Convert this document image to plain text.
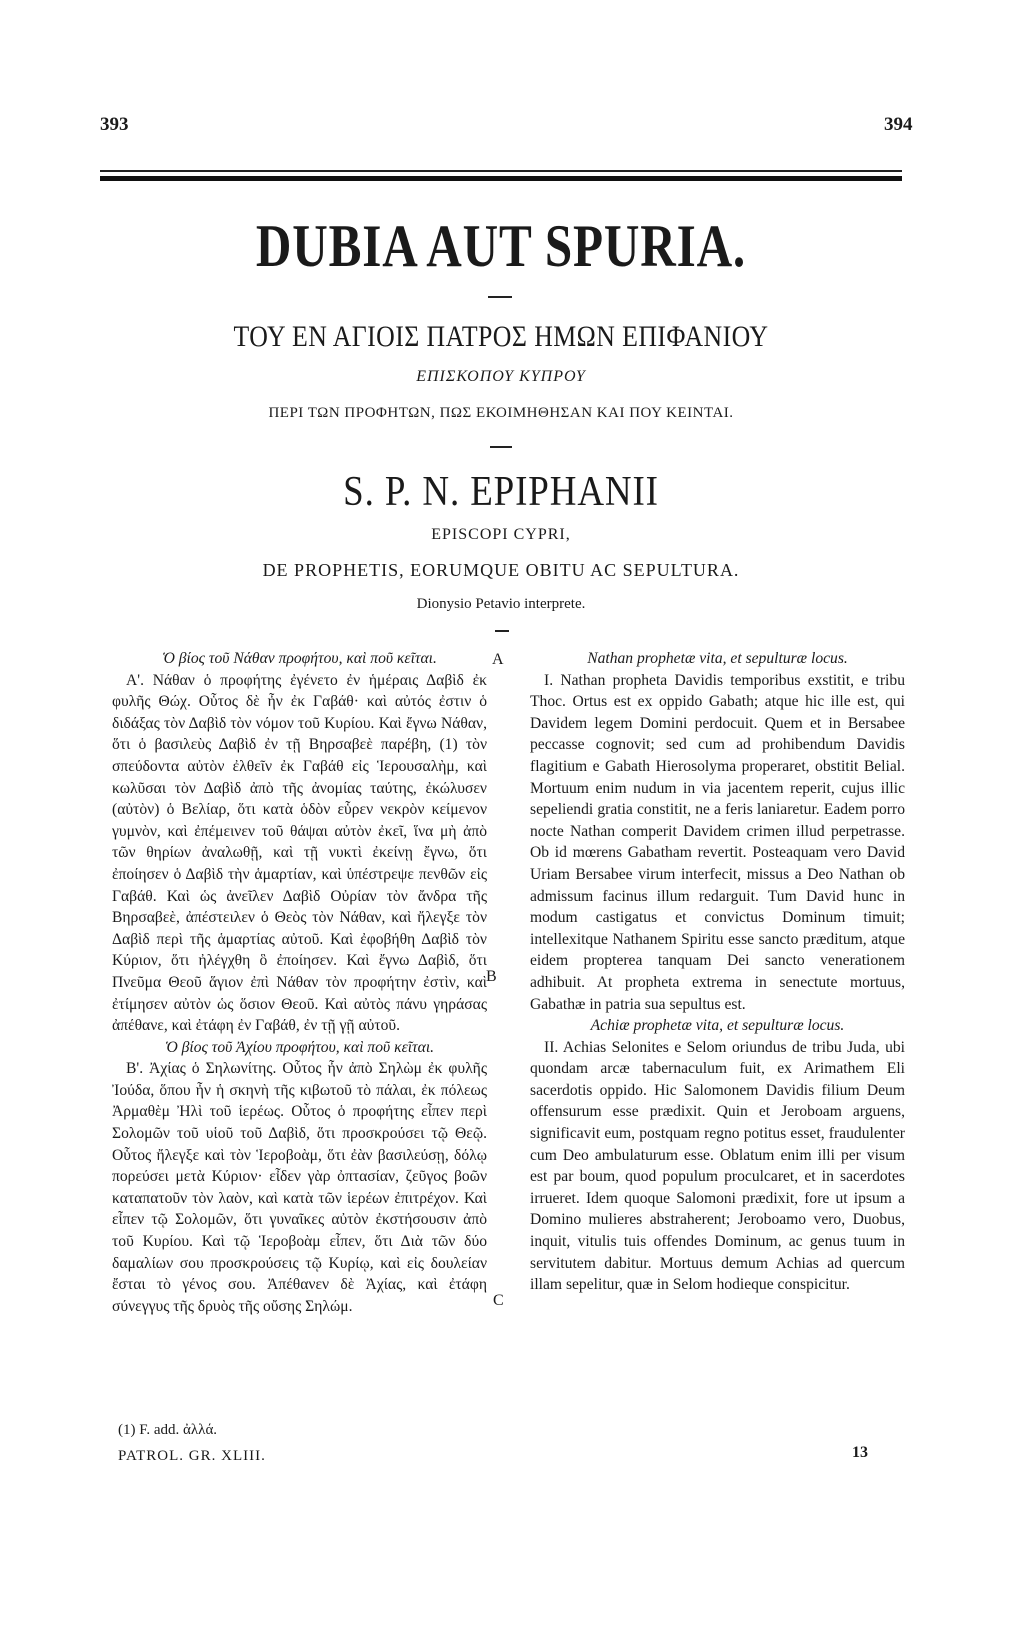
393	394
DUBIA AUT SPURIA.
ΤΟΥ ΕΝ ΑΓΙΟΙΣ ΠΑΤΡΟΣ ΗΜΩΝ ΕΠΙΦΑΝΙΟΥ
ΕΠΙΣΚΟΠΟΥ ΚΥΠΡΟΥ
ΠΕΡΙ ΤΩΝ ΠΡΟΦΗΤΩΝ, ΠΩΣ ΕΚΟΙΜΗΘΗΣΑΝ ΚΑΙ ΠΟΥ ΚΕΙΝΤΑΙ.
S. P. N. EPIPHANII
EPISCOPI CYPRI,
DE PROPHETIS, EORUMQUE OBITU AC SEPULTURA.
Dionysio Petavio interprete.

Ὁ βίος τοῦ Νάθαν προφήτου, καὶ ποῦ κεῖται.

Α'. Νάθαν ὁ προφήτης ἐγένετο ἐν ἡμέραις Δαβὶδ ἐκ φυλῆς Θώχ. Οὗτος δὲ ἦν ἐκ Γαβάθ· καὶ αὐτός ἐστιν ὁ διδάξας τὸν Δαβὶδ τὸν νόμον τοῦ Κυρίου. Καὶ ἔγνω Νάθαν, ὅτι ὁ βασιλεὺς Δαβὶδ ἐν τῇ Βηρσαβεὲ παρέβη, (1) τὸν σπεύδοντα αὐτὸν ἐλθεῖν ἐκ Γαβάθ εἰς Ἱερουσαλὴμ, καὶ κωλῦσαι τὸν Δαβὶδ ἀπὸ τῆς ἀνομίας ταύτης, ἐκώλυσεν (αὐτὸν) ὁ Βελίαρ, ὅτι κατὰ ὁδὸν εὗρεν νεκρὸν κείμενον γυμνὸν, καὶ ἐπέμεινεν τοῦ θάψαι αὐτὸν ἐκεῖ, ἵνα μὴ ἀπὸ τῶν θηρίων ἀναλωθῇ, καὶ τῇ νυκτὶ ἐκείνῃ ἔγνω, ὅτι ἐποίησεν ὁ Δαβὶδ τὴν ἁμαρτίαν, καὶ ὑπέστρεψε πενθῶν εἰς Γαβάθ. Καὶ ὡς ἀνεῖλεν Δαβὶδ Οὐρίαν τὸν ἄνδρα τῆς Βηρσαβεὲ, ἀπέστειλεν ὁ Θεὸς τὸν Νάθαν, καὶ ἤλεγξε τὸν Δαβὶδ περὶ τῆς ἁμαρτίας αὐτοῦ. Καὶ ἐφοβήθη Δαβὶδ τὸν Κύριον, ὅτι ἠλέγχθη ὃ ἐποίησεν. Καὶ ἔγνω Δαβὶδ, ὅτι Πνεῦμα Θεοῦ ἅγιον ἐπὶ Νάθαν τὸν προφήτην ἐστὶν, καὶ ἐτίμησεν αὐτὸν ὡς ὅσιον Θεοῦ. Καὶ αὐτὸς πάνυ γηράσας ἀπέθανε, καὶ ἐτάφη ἐν Γαβάθ, ἐν τῇ γῇ αὐτοῦ.

Ὁ βίος τοῦ Ἀχίου προφήτου, καὶ ποῦ κεῖται.

Β'. Ἀχίας ὁ Σηλωνίτης. Οὗτος ἦν ἀπὸ Σηλὼμ ἐκ φυλῆς Ἰούδα, ὅπου ἦν ἡ σκηνὴ τῆς κιβωτοῦ τὸ πάλαι, ἐκ πόλεως Ἀρμαθὲμ Ἠλὶ τοῦ ἱερέως. Οὗτος ὁ προφήτης εἶπεν περὶ Σολομῶν τοῦ υἱοῦ τοῦ Δαβὶδ, ὅτι προσκρούσει τῷ Θεῷ. Οὗτος ἤλεγξε καὶ τὸν Ἱεροβοὰμ, ὅτι ἐὰν βασιλεύσῃ, δόλῳ πορεύσει μετὰ Κύριον· εἶδεν γὰρ ὀπτασίαν, ζεῦγος βοῶν καταπατοῦν τὸν λαὸν, καὶ κατὰ τῶν ἱερέων ἐπιτρέχον. Καὶ εἶπεν τῷ Σολομῶν, ὅτι γυναῖκες αὐτὸν ἐκστήσουσιν ἀπὸ τοῦ Κυρίου. Καὶ τῷ Ἱεροβοὰμ εἶπεν, ὅτι Διὰ τῶν δύο δαμαλίων σου προσκρούσεις τῷ Κυρίῳ, καὶ εἰς δουλείαν ἔσται τὸ γένος σου. Ἀπέθανεν δὲ Ἀχίας, καὶ ἐτάφη σύνεγγυς τῆς δρυὸς τῆς οὔσης Σηλώμ.

A
B
C

Nathan prophetæ vita, et sepulturæ locus.

I. Nathan propheta Davidis temporibus exstitit, e tribu Thoc. Ortus est ex oppido Gabath; atque hic ille est, qui Davidem legem Domini perdocuit. Quem et in Bersabee peccasse cognovit; sed cum ad prohibendum Davidis flagitium e Gabath Hierosolyma properaret, obstitit Belial. Mortuum enim nudum in via jacentem reperit, cujus illic sepeliendi gratia constitit, ne a feris laniaretur. Eadem porro nocte Nathan comperit Davidem crimen illud perpetrasse. Ob id mœrens Gabatham revertit. Posteaquam vero David Uriam Bersabee virum interfecit, missus a Deo Nathan ob admissum facinus illum redarguit. Tum David hunc in modum castigatus et convictus Dominum timuit; intellexitque Nathanem Spiritu esse sancto præditum, atque eidem propterea tanquam Dei sancto venerationem adhibuit. At propheta extrema in senectute mortuus, Gabathæ in patria sua sepultus est.

Achiæ prophetæ vita, et sepulturæ locus.

II. Achias Selonites e Selom oriundus de tribu Juda, ubi quondam arcæ tabernaculum fuit, ex Arimathem Eli sacerdotis oppido. Hic Salomonem Davidis filium Deum offensurum esse prædixit. Quin et Jeroboam arguens, significavit eum, postquam regno potitus esset, fraudulenter cum Deo ambulaturum esse. Oblatum enim illi per visum est par boum, quod populum proculcaret, et in sacerdotes irrueret. Idem quoque Salomoni prædixit, fore ut ipsum a Domino mulieres abstraherent; Jeroboamo vero, Duobus, inquit, vitulis tuis offendes Dominum, ac genus tuum in servitutem dabitur. Mortuus demum Achias ad quercum illam sepelitur, quæ in Selom hodieque conspicitur.

(1) F. add. ἀλλά.
PATROL. GR. XLIII.	13
